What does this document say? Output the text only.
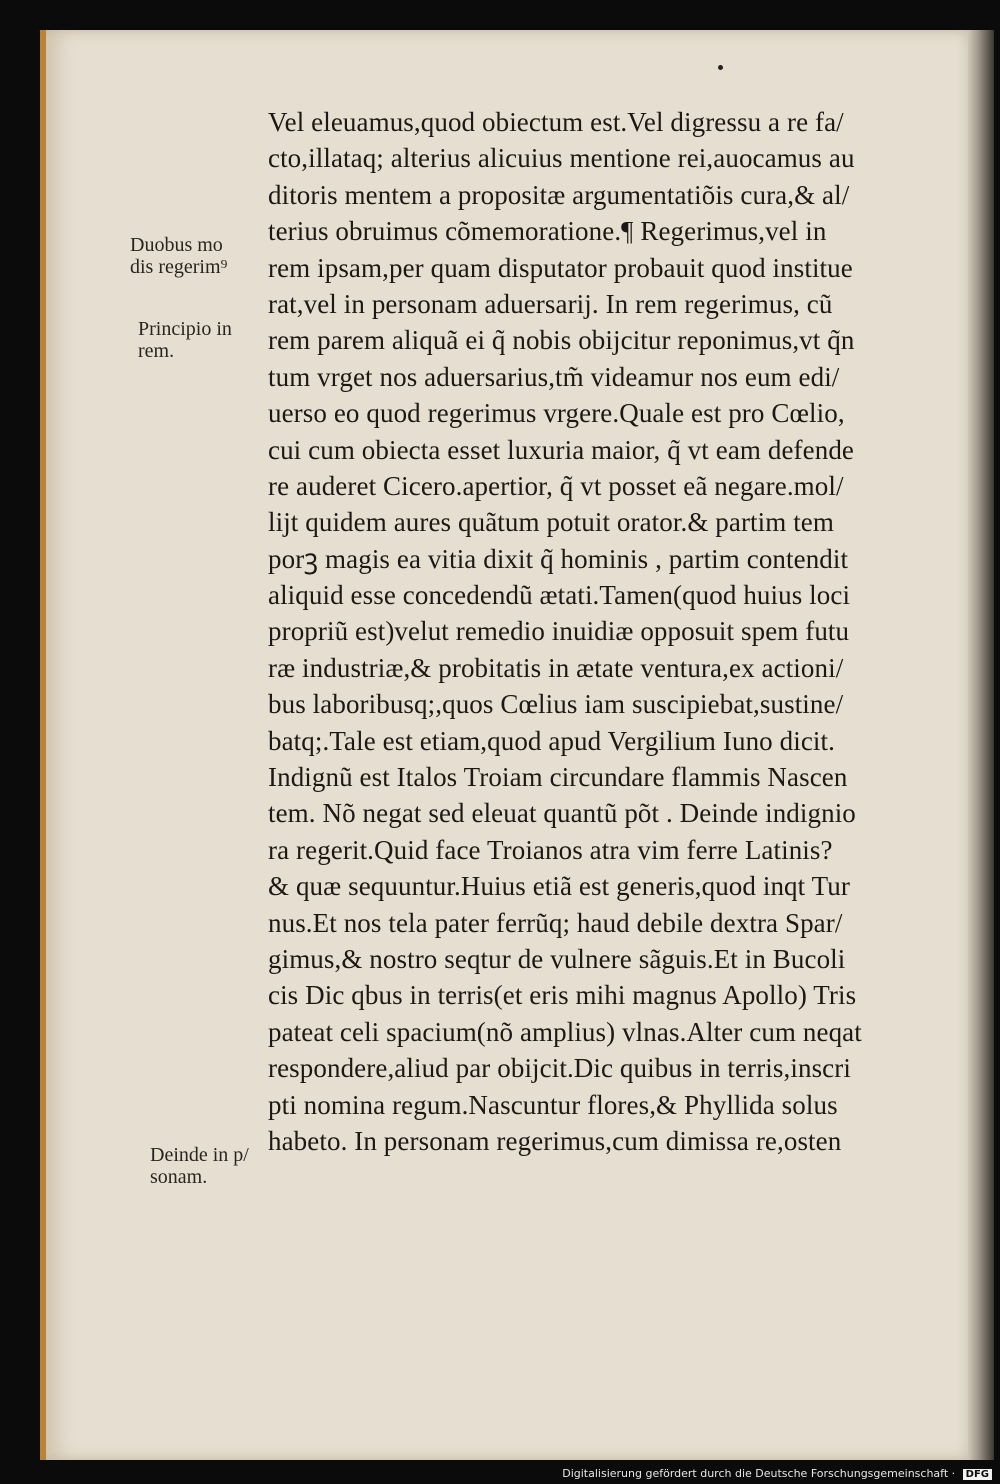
Vel eleuamus,quod obiectum est.Vel digressu a re fa/
cto,illataq; alterius alicuius mentione rei,auocamus au
ditoris mentem a propositæ argumentatiõis cura,& al/
terius obruimus cõmemoratione.¶ Regerimus,vel in
rem ipsam,per quam disputator probauit quod institue
rat,vel in personam aduersarij. In rem regerimus, cũ
rem parem aliquã ei q̃ nobis obijcitur reponimus,vt q̃n
tum vrget nos aduersarius,tm̃ videamur nos eum edi/
uerso eo quod regerimus vrgere.Quale est pro Cœlio,
cui cum obiecta esset luxuria maior, q̃ vt eam defende
re auderet Cicero.apertior, q̃ vt posset eã negare.mol/
lijt quidem aures quãtum potuit orator.& partim tem
porꝫ magis ea vitia dixit q̃ hominis , partim contendit
aliquid esse concedendũ ætati.Tamen(quod huius loci
propriũ est)velut remedio inuidiæ opposuit spem futu
ræ industriæ,& probitatis in ætate ventura,ex actioni/
bus laboribusq;,quos Cœlius iam suscipiebat,sustine/
batq;.Tale est etiam,quod apud Vergilium Iuno dicit.
Indignũ est Italos Troiam circundare flammis Nascen
tem. Nõ negat sed eleuat quantũ põt . Deinde indignio
ra regerit.Quid face Troianos atra vim ferre Latinis?
& quæ sequuntur.Huius etiã est generis,quod inqt Tur
nus.Et nos tela pater ferrũq; haud debile dextra Spar/
gimus,& nostro seqtur de vulnere sãguis.Et in Bucoli
cis Dic qbus in terris(et eris mihi magnus Apollo) Tris
pateat celi spacium(nõ amplius) vlnas.Alter cum neqat
respondere,aliud par obijcit.Dic quibus in terris,inscri
pti nomina regum.Nascuntur flores,& Phyllida solus
habeto. In personam regerimus,cum dimissa re,osten
Duobus mo
dis regerim⁹
Principio in
rem.
Deinde in p/
sonam.
Digitalisierung gefördert durch die Deutsche Forschungsgemeinschaft · DFG
